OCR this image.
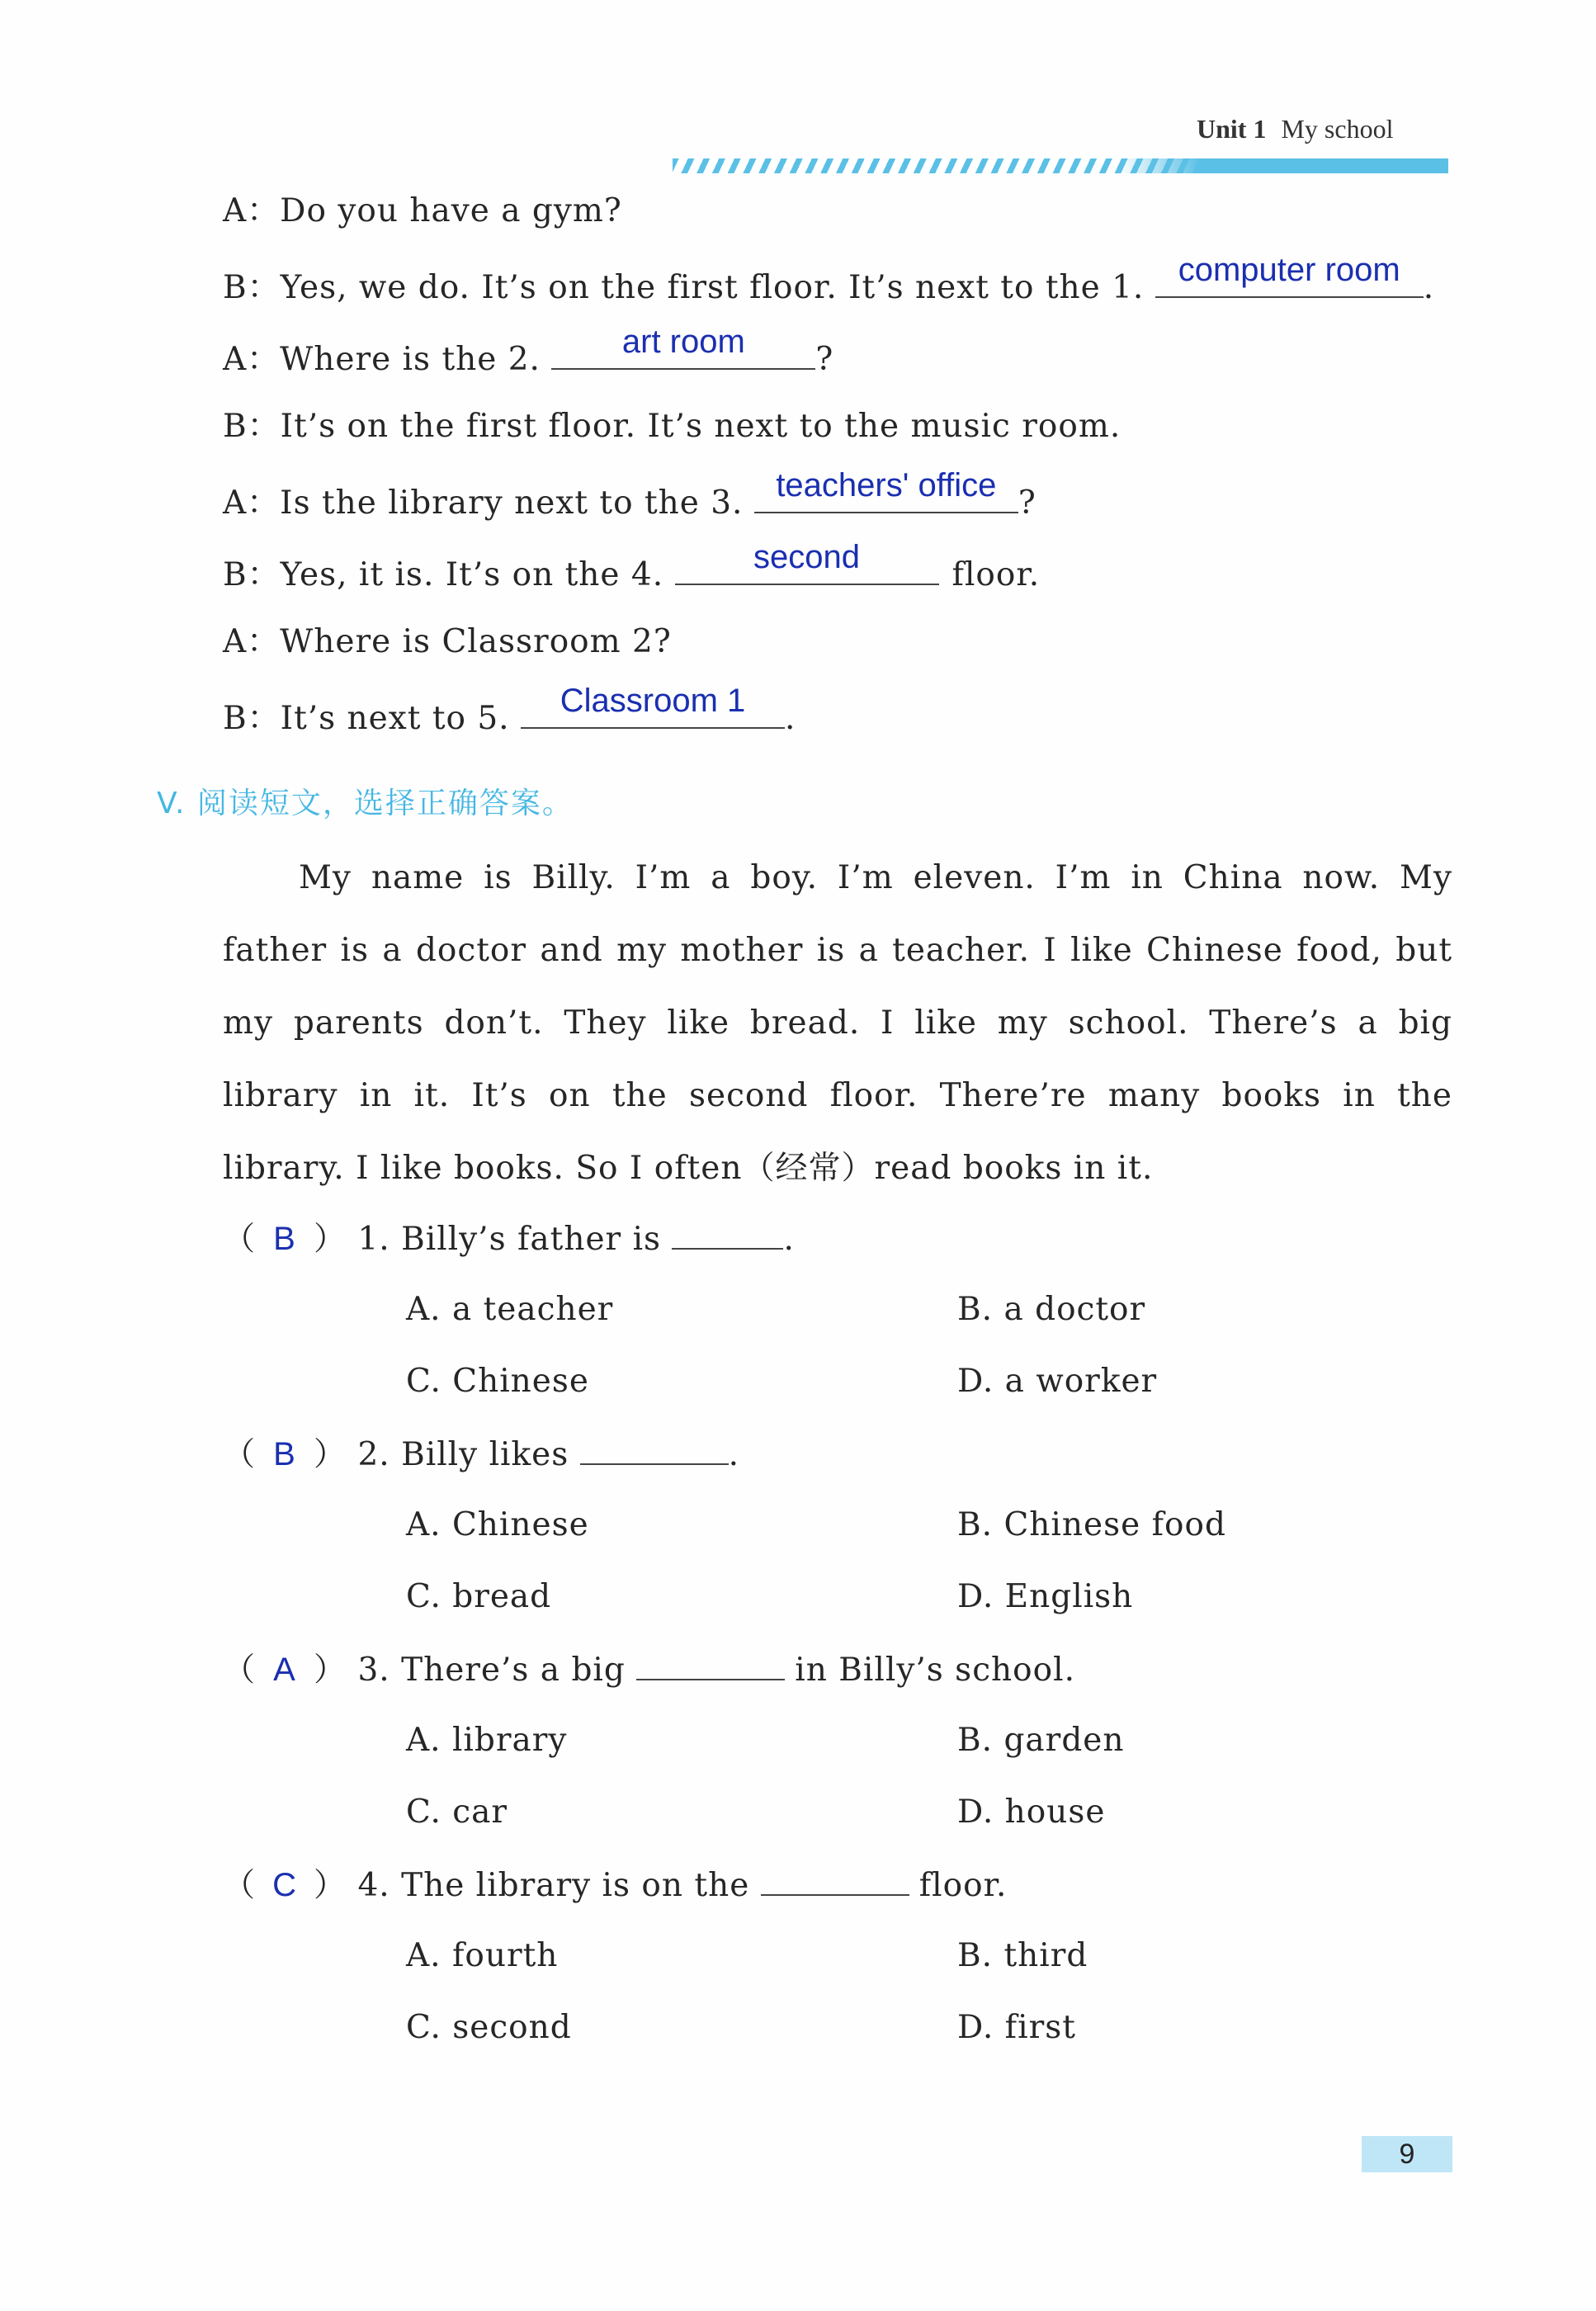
Unit 1 My school
A：Do you have a gym?
B：Yes, we do. It’s on the first floor. It’s next to the 1.	computer room .
A：Where is the 2.	art room	?
B：It’s on the first floor. It’s next to the music room.
A：Is the library next to the 3. teachers' office ?
B：Yes, it is. It’s on the 4.	second	floor.
A：Where is Classroom 2?
B：It’s next to 5.	Classroom 1	.
V. 阅读短文，选择正确答案。
My name is Billy. I’m a boy. I’m eleven. I’m in China now. My father is a doctor and my mother is a teacher. I like Chinese food, but my parents don’t. They like bread. I like my school. There’s a big library in it. It’s on the second floor. There’re many books in the library. I like books. So I often（经常）read books in it.
（ B ） 1. Billy’s father is	.
A. a teacher	B. a doctor
C. Chinese	D. a worker
（ B ） 2. Billy likes	.
A. Chinese	B. Chinese food
C. bread	D. English
（ A ） 3. There’s a big	in Billy’s school.
A. library	B. garden
C. car	D. house
（ C ） 4. The library is on the	floor.
A. fourth	B. third
C. second	D. first
9
